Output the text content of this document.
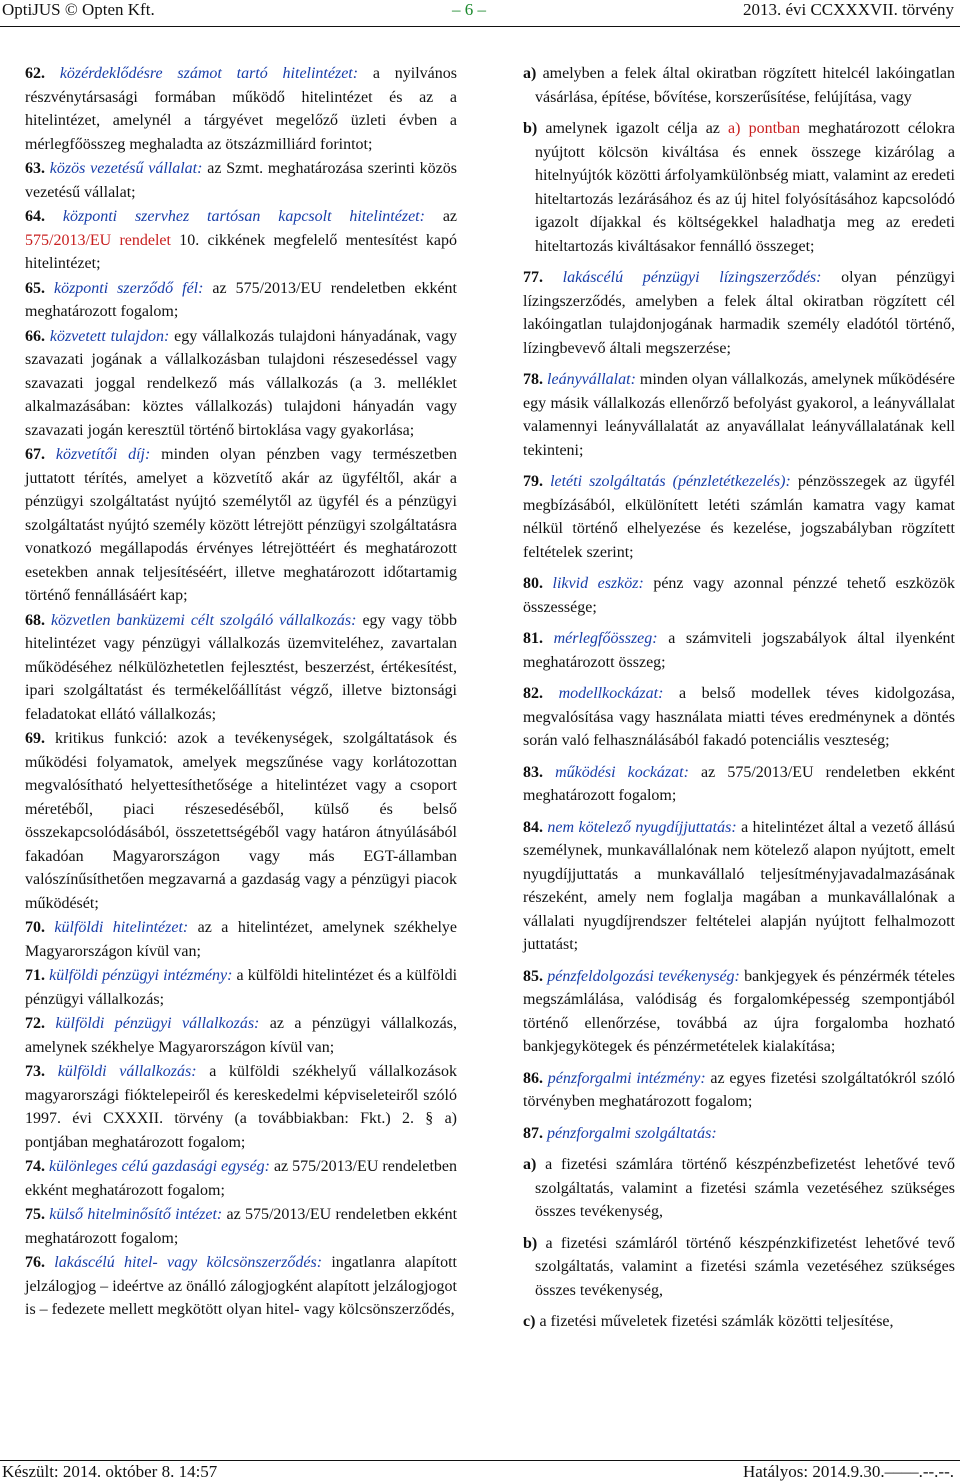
OptiJUS © Opten Kft.	– 6 –	2013. évi CCXXXVII. törvény
62. közérdeklődésre számot tartó hitelintézet: a nyilvános részvénytársasági formában működő hitelintézet és az a hitelintézet, amelynél a tárgyévet megelőző üzleti évben a mérlegfőösszeg meghaladta az ötszázmilliárd forintot;
63. közös vezetésű vállalat: az Szmt. meghatározása szerinti közös vezetésű vállalat;
64. központi szervhez tartósan kapcsolt hitelintézet: az 575/2013/EU rendelet 10. cikkének megfelelő mentesítést kapó hitelintézet;
65. központi szerződő fél: az 575/2013/EU rendeletben ekként meghatározott fogalom;
66. közvetett tulajdon: egy vállalkozás tulajdoni hányadának, vagy szavazati jogának a vállalkozásban tulajdoni részesedéssel vagy szavazati joggal rendelkező más vállalkozás (a 3. melléklet alkalmazásában: köztes vállalkozás) tulajdoni hányadán vagy szavazati jogán keresztül történő birtoklása vagy gyakorlása;
67. közvetítői díj: minden olyan pénzben vagy természetben juttatott térítés, amelyet a közvetítő akár az ügyféltől, akár a pénzügyi szolgáltatást nyújtó személytől az ügyfél és a pénzügyi szolgáltatást nyújtó személy között létrejött pénzügyi szolgáltatásra vonatkozó megállapodás érvényes létrejöttéért és meghatározott esetekben annak teljesítéséért, illetve meghatározott időtartamig történő fennállásáért kap;
68. közvetlen banküzemi célt szolgáló vállalkozás: egy vagy több hitelintézet vagy pénzügyi vállalkozás üzemviteléhez, zavartalan működéséhez nélkülözhetetlen fejlesztést, beszerzést, értékesítést, ipari szolgáltatást és termékelőállítást végző, illetve biztonsági feladatokat ellátó vállalkozás;
69. kritikus funkció: azok a tevékenységek, szolgáltatások és működési folyamatok, amelyek megszűnése vagy korlátozottan megvalósítható helyettesíthetősége a hitelintézet vagy a csoport méretéből, piaci részesedéséből, külső és belső összekapcsolódásából, összetettségéből vagy határon átnyúlásából fakadóan Magyarországon vagy más EGT-államban valószínűsíthetően megzavarná a gazdaság vagy a pénzügyi piacok működését;
70. külföldi hitelintézet: az a hitelintézet, amelynek székhelye Magyarországon kívül van;
71. külföldi pénzügyi intézmény: a külföldi hitelintézet és a külföldi pénzügyi vállalkozás;
72. külföldi pénzügyi vállalkozás: az a pénzügyi vállalkozás, amelynek székhelye Magyarországon kívül van;
73. külföldi vállalkozás: a külföldi székhelyű vállalkozások magyarországi fióktelepeiről és kereskedelmi képviseleteiről szóló 1997. évi CXXXII. törvény (a továbbiakban: Fkt.) 2. § a) pontjában meghatározott fogalom;
74. különleges célú gazdasági egység: az 575/2013/EU rendeletben ekként meghatározott fogalom;
75. külső hitelminősítő intézet: az 575/2013/EU rendeletben ekként meghatározott fogalom;
76. lakáscélú hitel- vagy kölcsönszerződés: ingatlanra alapított jelzálogjog – ideértve az önálló zálogjogként alapított jelzálogjogot is – fedezete mellett megkötött olyan hitel- vagy kölcsönszerződés,
a) amelyben a felek által okiratban rögzített hitelcél lakóingatlan vásárlása, építése, bővítése, korszerűsítése, felújítása, vagy
b) amelynek igazolt célja az a) pontban meghatározott célokra nyújtott kölcsön kiváltása és ennek összege kizárólag a hitelnyújtók közötti árfolyamkülönbség miatt, valamint az eredeti hiteltartozás lezárásához és az új hitel folyósításához kapcsolódó igazolt díjakkal és költségekkel haladhatja meg az eredeti hiteltartozás kiváltásakor fennálló összeget;
77. lakáscélú pénzügyi lízingszerződés: olyan pénzügyi lízingszerződés, amelyben a felek által okiratban rögzített cél lakóingatlan tulajdonjogának harmadik személy eladótól történő, lízingbevevő általi megszerzése;
78. leányvállalat: minden olyan vállalkozás, amelynek működésére egy másik vállalkozás ellenőrző befolyást gyakorol, a leányvállalat valamennyi leányvállalatát az anyavállalat leányvállalatának kell tekinteni;
79. letéti szolgáltatás (pénzletétkezelés): pénzösszegek az ügyfél megbízásából, elkülönített letéti számlán kamatra vagy kamat nélkül történő elhelyezése és kezelése, jogszabályban rögzített feltételek szerint;
80. likvid eszköz: pénz vagy azonnal pénzzé tehető eszközök összessége;
81. mérlegfőösszeg: a számviteli jogszabályok által ilyenként meghatározott összeg;
82. modellkockázat: a belső modellek téves kidolgozása, megvalósítása vagy használata miatti téves eredménynek a döntés során való felhasználásából fakadó potenciális veszteség;
83. működési kockázat: az 575/2013/EU rendeletben ekként meghatározott fogalom;
84. nem kötelező nyugdíjjuttatás: a hitelintézet által a vezető állású személynek, munkavállalónak nem kötelező alapon nyújtott, emelt nyugdíjjuttatás a munkavállaló teljesítményjavadalmazásának részeként, amely nem foglalja magában a munkavállalónak a vállalati nyugdíjrendszer feltételei alapján nyújtott felhalmozott juttatást;
85. pénzfeldolgozási tevékenység: bankjegyek és pénzérmék tételes megszámlálása, valódiság és forgalomképesség szempontjából történő ellenőrzése, továbbá az újra forgalomba hozható bankjegykötegek és pénzérmetételek kialakítása;
86. pénzforgalmi intézmény: az egyes fizetési szolgáltatókról szóló törvényben meghatározott fogalom;
87. pénzforgalmi szolgáltatás:
a) a fizetési számlára történő készpénzbefizetést lehetővé tevő szolgáltatás, valamint a fizetési számla vezetéséhez szükséges összes tevékenység,
b) a fizetési számláról történő készpénzkifizetést lehetővé tevő szolgáltatás, valamint a fizetési számla vezetéséhez szükséges összes tevékenység,
c) a fizetési műveletek fizetési számlák közötti teljesítése,
Készült: 2014. október 8. 14:57	Hatályos: 2014.9.30.––––.--.--.
